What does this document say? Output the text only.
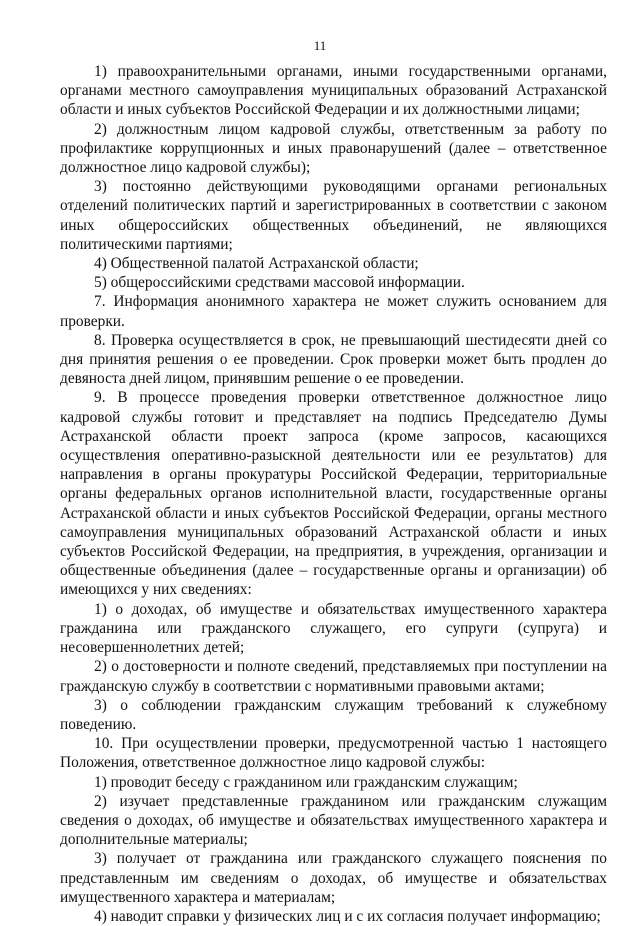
11

1) правоохранительными органами, иными государственными органами, органами местного самоуправления муниципальных образований Астраханской области и иных субъектов Российской Федерации и их должностными лицами;

2) должностным лицом кадровой службы, ответственным за работу по профилактике коррупционных и иных правонарушений (далее – ответственное должностное лицо кадровой службы);

3) постоянно действующими руководящими органами региональных отделений политических партий и зарегистрированных в соответствии с законом иных общероссийских общественных объединений, не являющихся политическими партиями;

4) Общественной палатой Астраханской области;

5) общероссийскими средствами массовой информации.

7. Информация анонимного характера не может служить основанием для проверки.

8. Проверка осуществляется в срок, не превышающий шестидесяти дней со дня принятия решения о ее проведении. Срок проверки может быть продлен до девяноста дней лицом, принявшим решение о ее проведении.

9. В процессе проведения проверки ответственное должностное лицо кадровой службы готовит и представляет на подпись Председателю Думы Астраханской области проект запроса (кроме запросов, касающихся осуществления оперативно-разыскной деятельности или ее результатов) для направления в органы прокуратуры Российской Федерации, территориальные органы федеральных органов исполнительной власти, государственные органы Астраханской области и иных субъектов Российской Федерации, органы местного самоуправления муниципальных образований Астраханской области и иных субъектов Российской Федерации, на предприятия, в учреждения, организации и общественные объединения (далее – государственные органы и организации) об имеющихся у них сведениях:

1) о доходах, об имуществе и обязательствах имущественного характера гражданина или гражданского служащего, его супруги (супруга) и несовершеннолетних детей;

2) о достоверности и полноте сведений, представляемых при поступлении на гражданскую службу в соответствии с нормативными правовыми актами;

3) о соблюдении гражданским служащим требований к служебному поведению.

10. При осуществлении проверки, предусмотренной частью 1 настоящего Положения, ответственное должностное лицо кадровой службы:

1) проводит беседу с гражданином или гражданским служащим;

2) изучает представленные гражданином или гражданским служащим сведения о доходах, об имуществе и обязательствах имущественного характера и дополнительные материалы;

3) получает от гражданина или гражданского служащего пояснения по представленным им сведениям о доходах, об имуществе и обязательствах имущественного характера и материалам;

4) наводит справки у физических лиц и с их согласия получает информацию;
